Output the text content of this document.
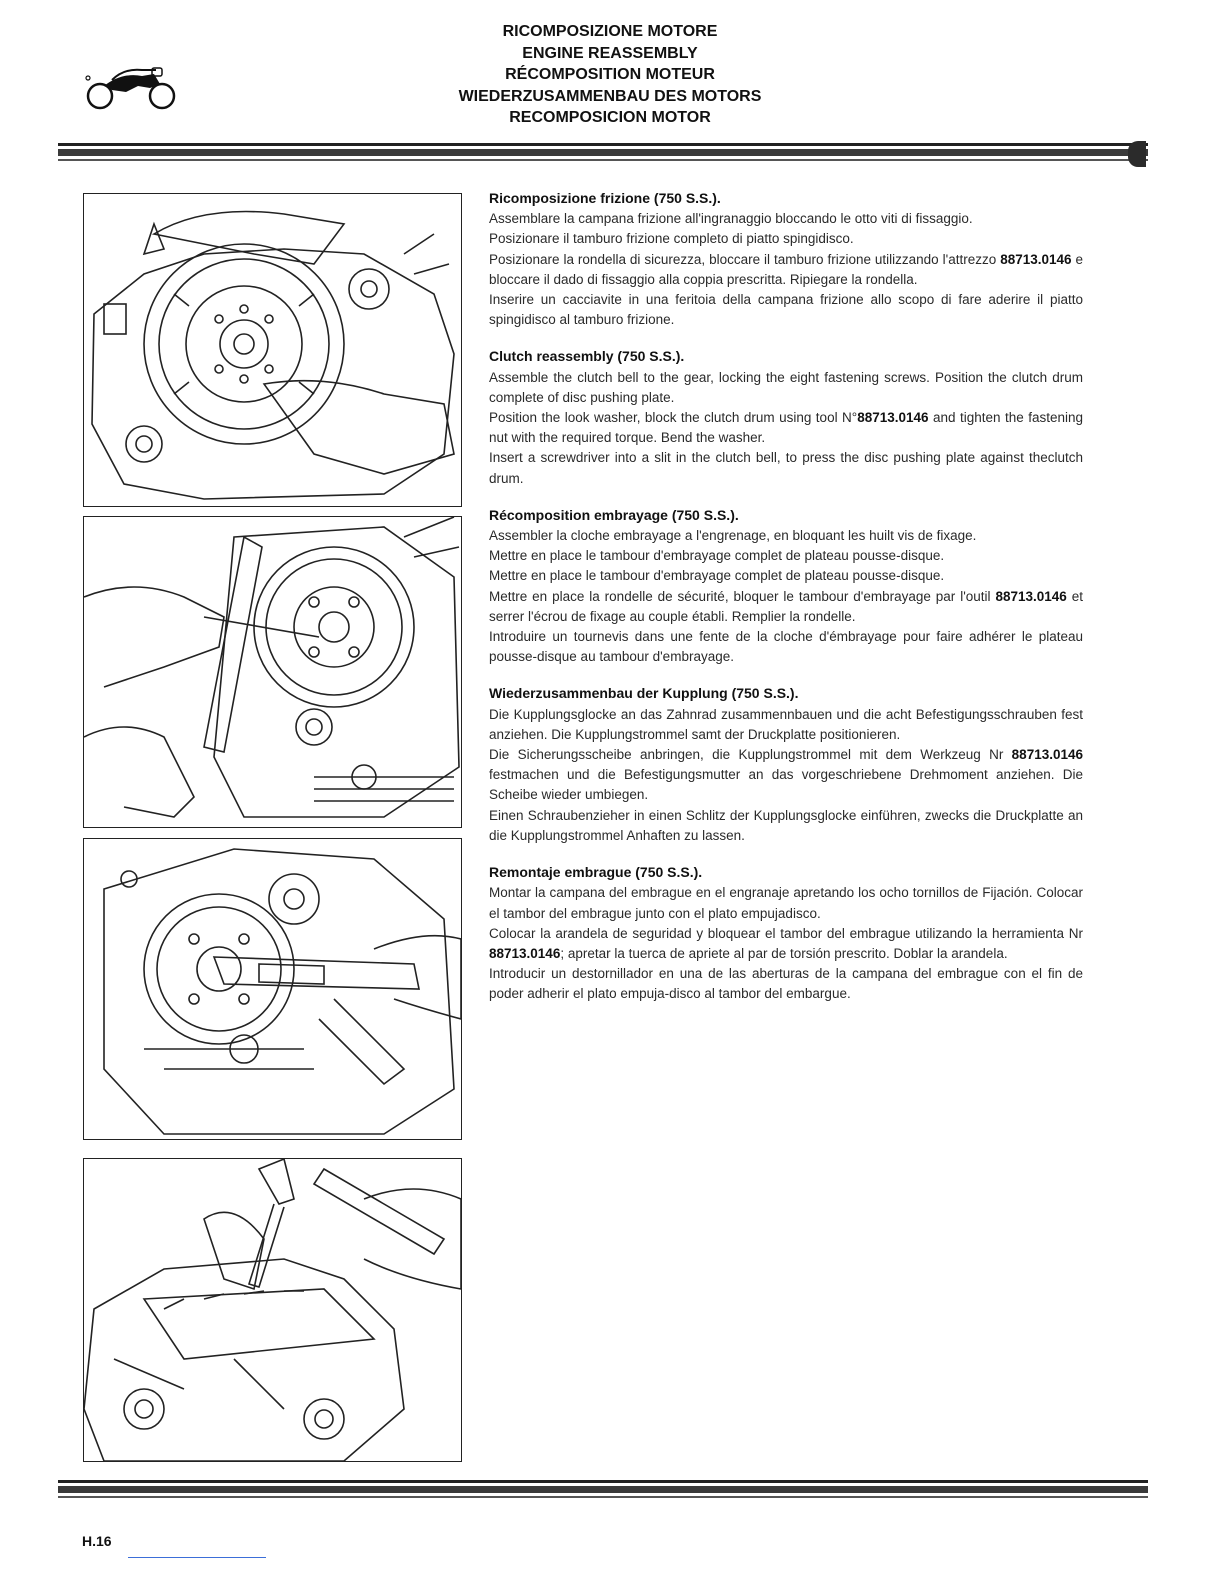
RICOMPOSIZIONE MOTORE
ENGINE REASSEMBLY
RÉCOMPOSITION MOTEUR
WIEDERZUSAMMENBAU DES MOTORS
RECOMPOSICION MOTOR
Ricomposizione frizione (750 S.S.).

Assemblare la campana frizione all'ingranaggio bloccando le otto viti di fissaggio.

Posizionare il tamburo frizione completo di piatto spingidisco.

Posizionare la rondella di sicurezza, bloccare il tamburo frizione utilizzando l'attrezzo 88713.0146 e bloccare il dado di fissaggio alla coppia prescritta. Ripiegare la rondella.

Inserire un cacciavite in una feritoia della campana frizione allo scopo di fare aderire il piatto spingidisco al tamburo frizione.

Clutch reassembly (750 S.S.).

Assemble the clutch bell to the gear, locking the eight fastening screws. Position the clutch drum complete of disc pushing plate.

Position the look washer, block the clutch drum using tool N°88713.0146 and tighten the fastening nut with the required torque. Bend the washer.

Insert a screwdriver into a slit in the clutch bell, to press the disc pushing plate against theclutch drum.

Récomposition embrayage (750 S.S.).

Assembler la cloche embrayage a l'engrenage, en bloquant les huilt vis de fixage.

Mettre en place le tambour d'embrayage complet de plateau pousse-disque.

Mettre en place le tambour d'embrayage complet de plateau pousse-disque.

Mettre en place la rondelle de sécurité, bloquer le tambour d'embrayage par l'outil 88713.0146 et serrer l'écrou de fixage au couple établi. Remplier la rondelle.

Introduire un tournevis dans une fente de la cloche d'émbrayage pour faire adhérer le plateau pousse-disque au tambour d'embrayage.

Wiederzusammenbau der Kupplung (750 S.S.).

Die Kupplungsglocke an das Zahnrad zusammennbauen und die acht Befestigungsschrauben fest anziehen. Die Kupplungstrommel samt der Druckplatte positionieren.

Die Sicherungsscheibe anbringen, die Kupplungstrommel mit dem Werkzeug Nr 88713.0146 festmachen und die Befestigungsmutter an das vorgeschriebene Drehmoment anziehen. Die Scheibe wieder umbiegen.

Einen Schraubenzieher in einen Schlitz der Kupplungsglocke einführen, zwecks die Druckplatte an die Kupplungstrommel Anhaften zu lassen.

Remontaje embrague (750 S.S.).

Montar la campana del embrague en el engranaje apretando los ocho tornillos de Fijación. Colocar el tambor del embrague junto con el plato empujadisco.

Colocar la arandela de seguridad y bloquear el tambor del embrague utilizando la herramienta Nr 88713.0146; apretar la tuerca de apriete al par de torsión prescrito. Doblar la arandela.

Introducir un destornillador en una de las aberturas de la campana del embrague con el fin de poder adherir el plato empuja-disco al tambor del embargue.

H.16
